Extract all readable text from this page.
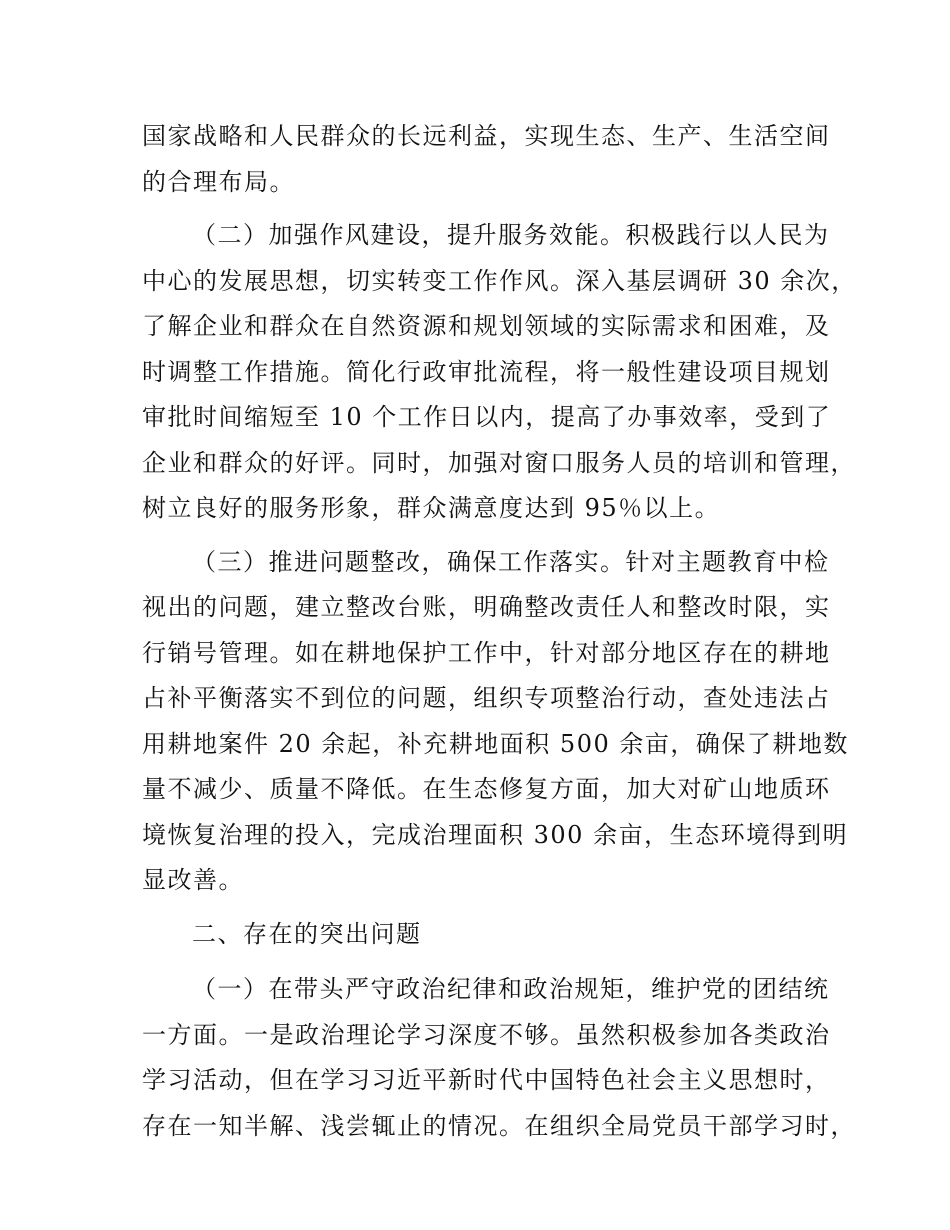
国家战略和人民群众的长远利益，实现生态、生产、生活空间
的合理布局。
（二）加强作风建设，提升服务效能。积极践行以人民为
中心的发展思想，切实转变工作作风。深入基层调研 30 余次，
了解企业和群众在自然资源和规划领域的实际需求和困难，及
时调整工作措施。简化行政审批流程，将一般性建设项目规划
审批时间缩短至 10 个工作日以内，提高了办事效率，受到了
企业和群众的好评。同时，加强对窗口服务人员的培训和管理，
树立良好的服务形象，群众满意度达到 95％以上。
（三）推进问题整改，确保工作落实。针对主题教育中检
视出的问题，建立整改台账，明确整改责任人和整改时限，实
行销号管理。如在耕地保护工作中，针对部分地区存在的耕地
占补平衡落实不到位的问题，组织专项整治行动，查处违法占
用耕地案件 20 余起，补充耕地面积 500 余亩，确保了耕地数
量不减少、质量不降低。在生态修复方面，加大对矿山地质环
境恢复治理的投入，完成治理面积 300 余亩，生态环境得到明
显改善。
二、存在的突出问题
（一）在带头严守政治纪律和政治规矩，维护党的团结统
一方面。一是政治理论学习深度不够。虽然积极参加各类政治
学习活动，但在学习习近平新时代中国特色社会主义思想时，
存在一知半解、浅尝辄止的情况。在组织全局党员干部学习时，
